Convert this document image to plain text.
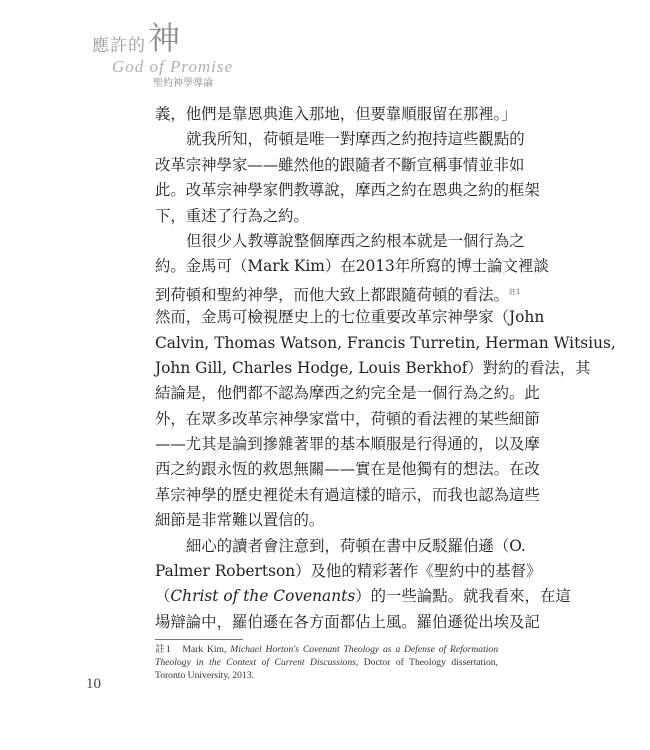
應許的 神
God of Promise
聖約神學導論
義，他們是靠恩典進入那地，但要靠順服留在那裡。」
就我所知，荷頓是唯一對摩西之約抱持這些觀點的
改革宗神學家——雖然他的跟隨者不斷宣稱事情並非如
此。改革宗神學家們教導說，摩西之約在恩典之約的框架
下，重述了行為之約。
但很少人教導說整個摩西之約根本就是一個行為之
約。金馬可（Mark Kim）在2013年所寫的博士論文裡談
到荷頓和聖約神學，而他大致上都跟隨荷頓的看法。$^{註1}$
然而，金馬可檢視歷史上的七位重要改革宗神學家（John
Calvin, Thomas Watson, Francis Turretin, Herman Witsius,
John Gill, Charles Hodge, Louis Berkhof）對約的看法，其
結論是，他們都不認為摩西之約完全是一個行為之約。此
外，在眾多改革宗神學家當中，荷頓的看法裡的某些細節
——尤其是論到摻雜著罪的基本順服是行得通的，以及摩
西之約跟永恆的救恩無關——實在是他獨有的想法。在改
革宗神學的歷史裡從未有過這樣的暗示，而我也認為這些
細節是非常難以置信的。
細心的讀者會注意到，荷頓在書中反駁羅伯遜（O.
Palmer Robertson）及他的精彩著作《聖約中的基督》
（Christ of the Covenants）的一些論點。就我看來，在這
場辯論中，羅伯遜在各方面都佔上風。羅伯遜從出埃及記
註1 Mark Kim, Michael Horton's Covenant Theology as a Defense of Reformation
Theology in the Context of Current Discussions, Doctor of Theology dissertation,
Toronto University, 2013.
10
